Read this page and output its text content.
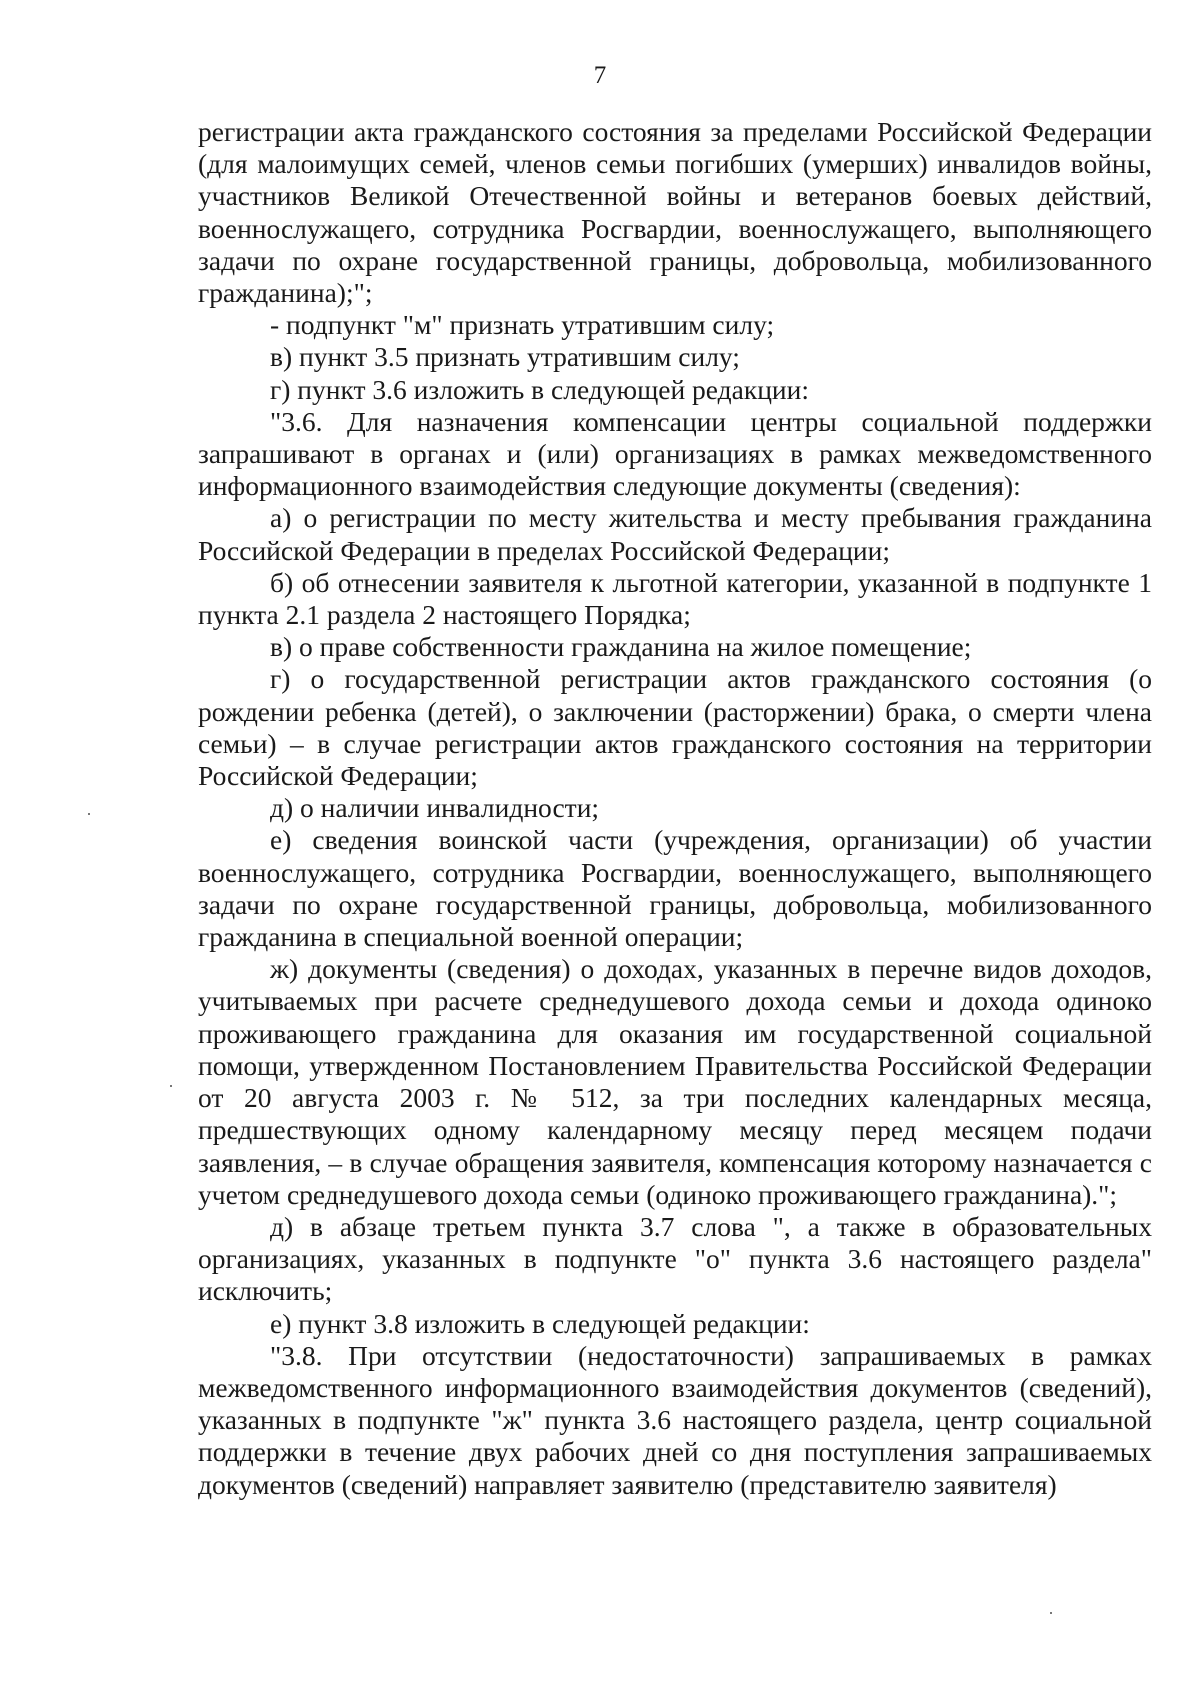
7

регистрации акта гражданского состояния за пределами Российской Федерации (для малоимущих семей, членов семьи погибших (умерших) инвалидов войны, участников Великой Отечественной войны и ветеранов боевых действий, военнослужащего, сотрудника Росгвардии, военнослужащего, выполняющего задачи по охране государственной границы, добровольца, мобилизованного гражданина);";

- подпункт "м" признать утратившим силу;

в) пункт 3.5 признать утратившим силу;

г) пункт 3.6 изложить в следующей редакции:

"3.6. Для назначения компенсации центры социальной поддержки запрашивают в органах и (или) организациях в рамках межведомственного информационного взаимодействия следующие документы (сведения):

а) о регистрации по месту жительства и месту пребывания гражданина Российской Федерации в пределах Российской Федерации;

б) об отнесении заявителя к льготной категории, указанной в подпункте 1 пункта 2.1 раздела 2 настоящего Порядка;

в) о праве собственности гражданина на жилое помещение;

г) о государственной регистрации актов гражданского состояния (о рождении ребенка (детей), о заключении (расторжении) брака, о смерти члена семьи) – в случае регистрации актов гражданского состояния на территории Российской Федерации;

д) о наличии инвалидности;

е) сведения воинской части (учреждения, организации) об участии военнослужащего, сотрудника Росгвардии, военнослужащего, выполняющего задачи по охране государственной границы, добровольца, мобилизованного гражданина в специальной военной операции;

ж) документы (сведения) о доходах, указанных в перечне видов доходов, учитываемых при расчете среднедушевого дохода семьи и дохода одиноко проживающего гражданина для оказания им государственной социальной помощи, утвержденном Постановлением Правительства Российской Федерации от 20 августа 2003 г. № 512, за три последних календарных месяца, предшествующих одному календарному месяцу перед месяцем подачи заявления, – в случае обращения заявителя, компенсация которому назначается с учетом среднедушевого дохода семьи (одиноко проживающего гражданина).";

д) в абзаце третьем пункта 3.7 слова ", а также в образовательных организациях, указанных в подпункте "о" пункта 3.6 настоящего раздела" исключить;

е) пункт 3.8 изложить в следующей редакции:

"3.8. При отсутствии (недостаточности) запрашиваемых в рамках межведомственного информационного взаимодействия документов (сведений), указанных в подпункте "ж" пункта 3.6 настоящего раздела, центр социальной поддержки в течение двух рабочих дней со дня поступления запрашиваемых документов (сведений) направляет заявителю (представителю заявителя)
